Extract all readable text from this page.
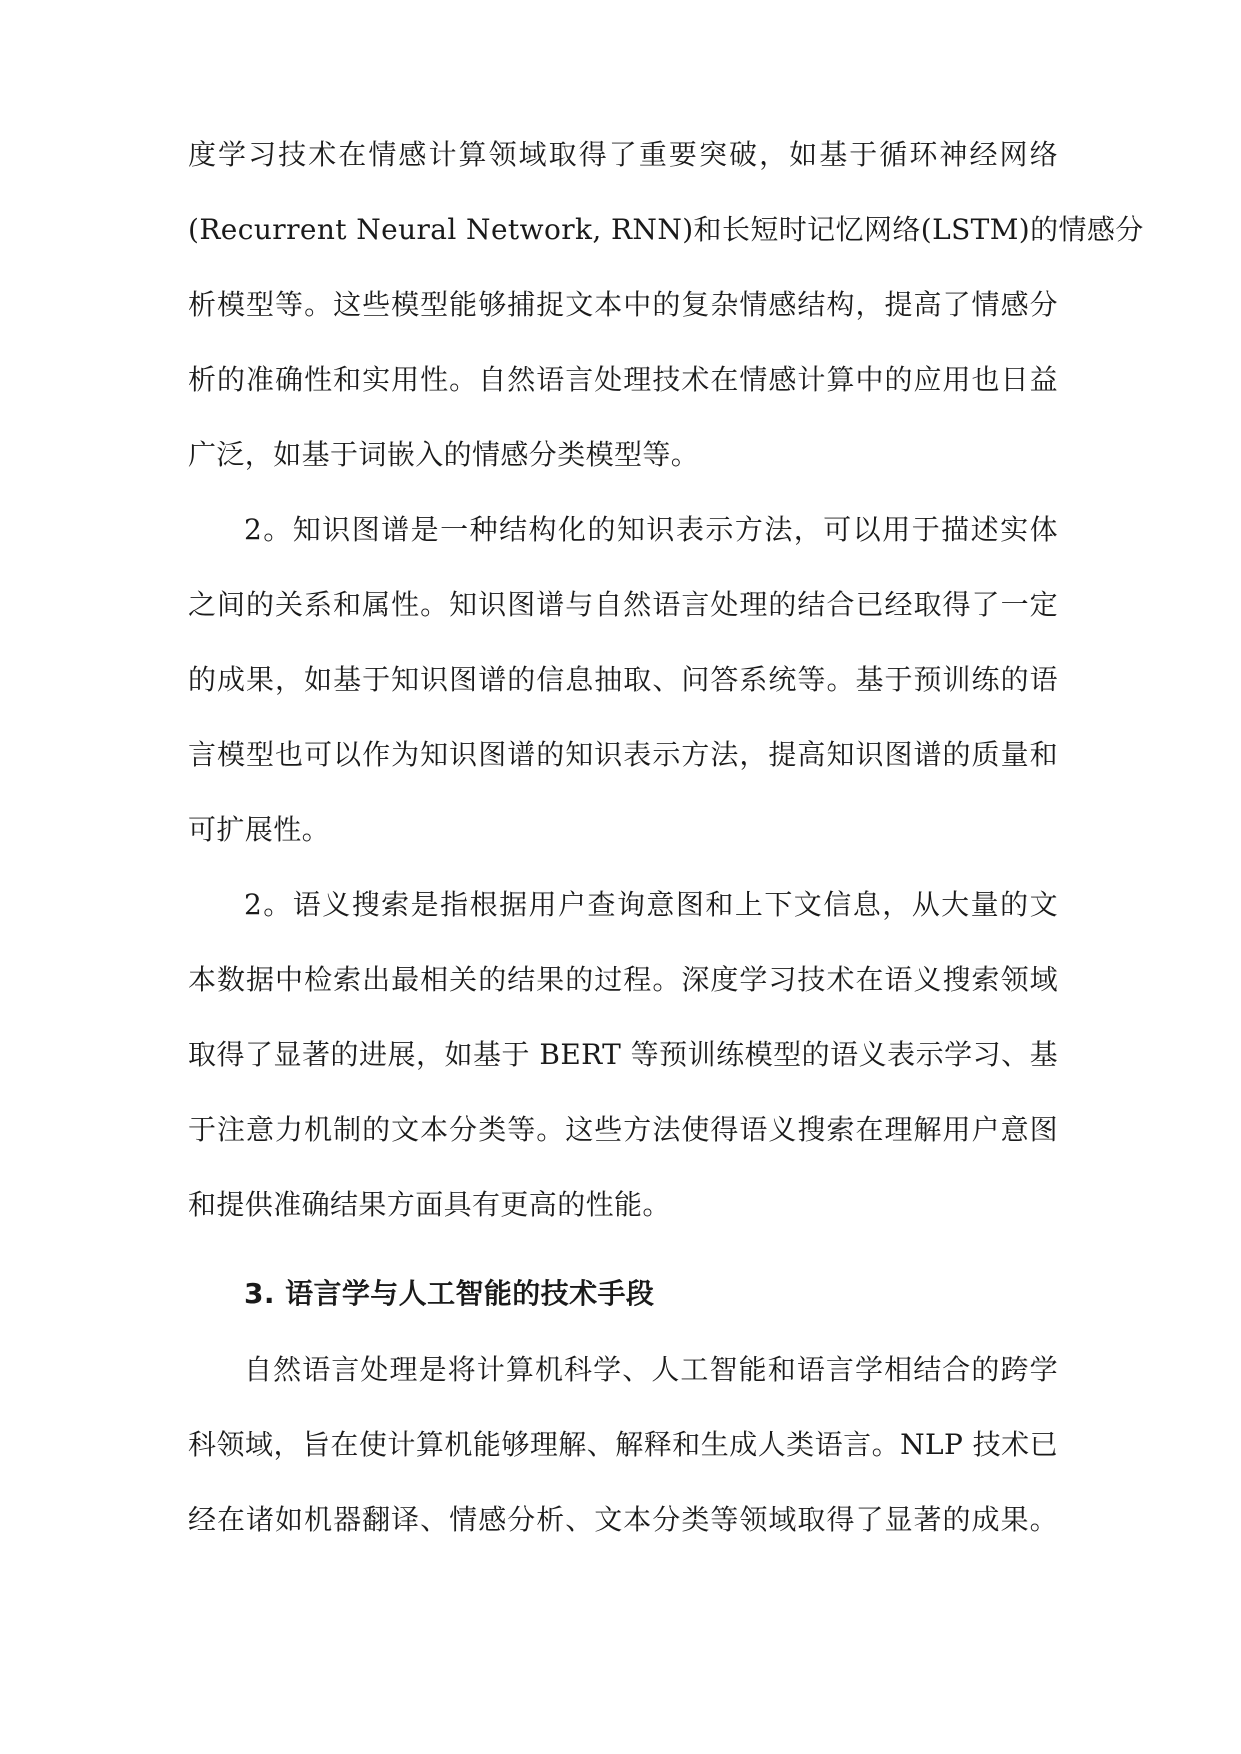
度学习技术在情感计算领域取得了重要突破，如基于循环神经网络
(Recurrent Neural Network, RNN)和长短时记忆网络(LSTM)的情感分
析模型等。这些模型能够捕捉文本中的复杂情感结构，提高了情感分
析的准确性和实用性。自然语言处理技术在情感计算中的应用也日益
广泛，如基于词嵌入的情感分类模型等。
2。知识图谱是一种结构化的知识表示方法，可以用于描述实体
之间的关系和属性。知识图谱与自然语言处理的结合已经取得了一定
的成果，如基于知识图谱的信息抽取、问答系统等。基于预训练的语
言模型也可以作为知识图谱的知识表示方法，提高知识图谱的质量和
可扩展性。
2。语义搜索是指根据用户查询意图和上下文信息，从大量的文
本数据中检索出最相关的结果的过程。深度学习技术在语义搜索领域
取得了显著的进展，如基于 BERT 等预训练模型的语义表示学习、基
于注意力机制的文本分类等。这些方法使得语义搜索在理解用户意图
和提供准确结果方面具有更高的性能。
3. 语言学与人工智能的技术手段
自然语言处理是将计算机科学、人工智能和语言学相结合的跨学
科领域，旨在使计算机能够理解、解释和生成人类语言。NLP 技术已
经在诸如机器翻译、情感分析、文本分类等领域取得了显著的成果。
